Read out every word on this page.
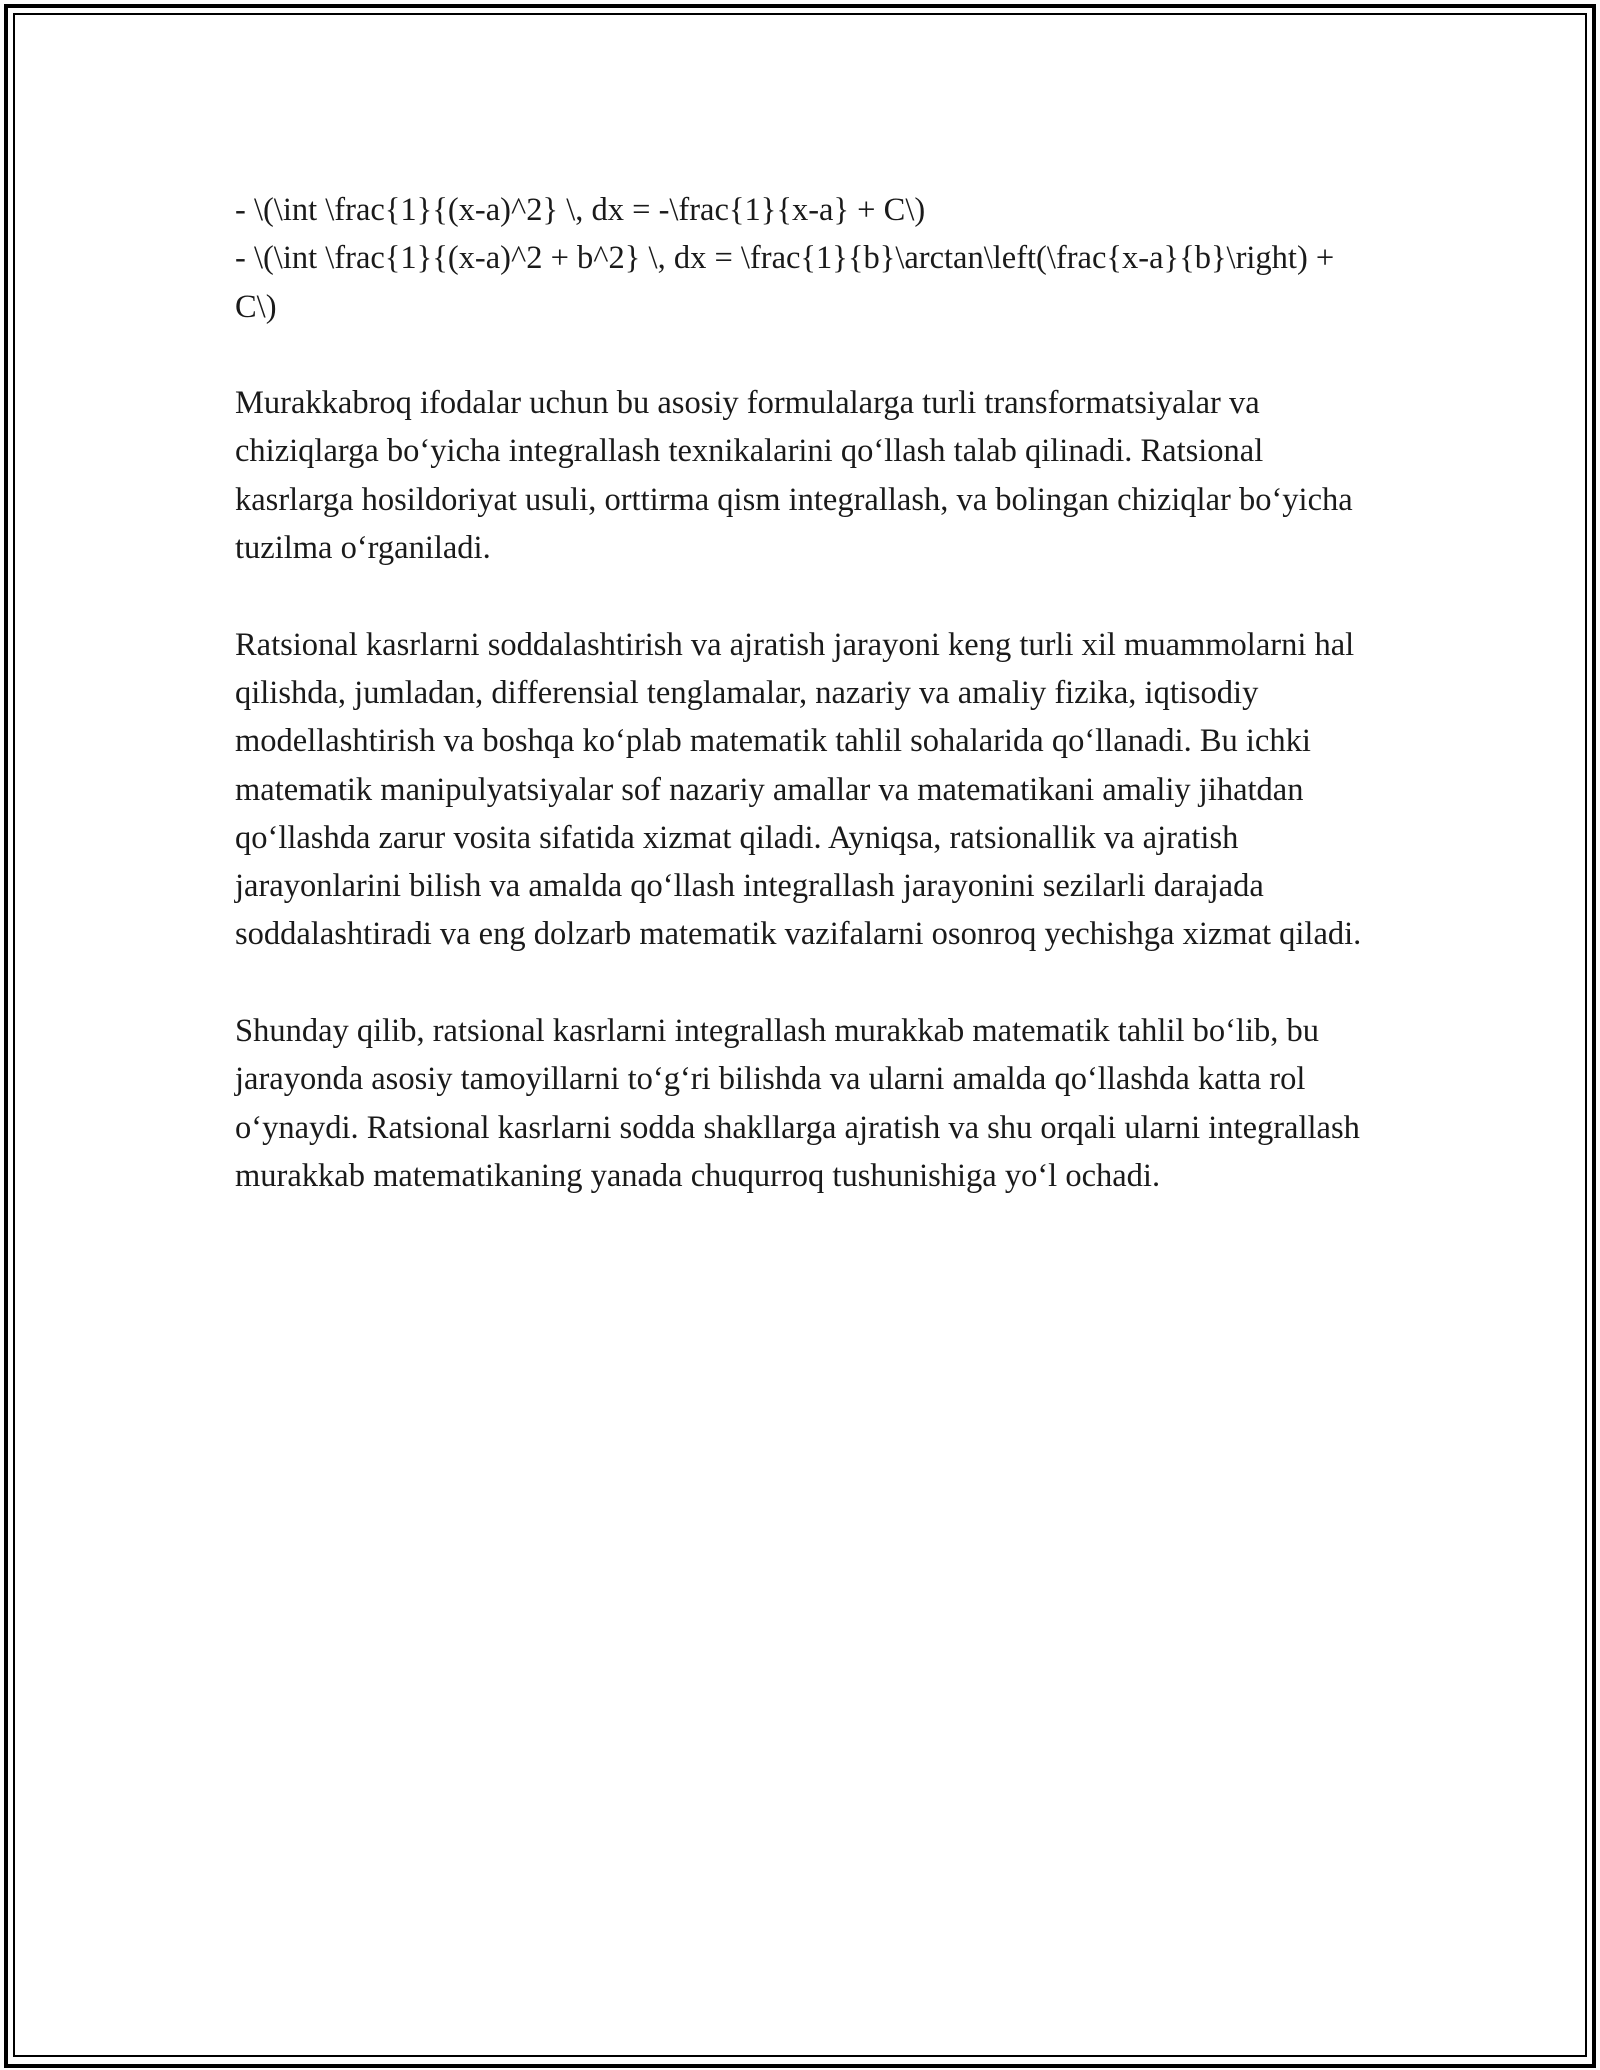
- \(\int \frac{1}{(x-a)^2} \, dx = -\frac{1}{x-a} + C\)

- \(\int \frac{1}{(x-a)^2 + b^2} \, dx = \frac{1}{b}\arctan\left(\frac{x-a}{b}\right) + C\)

Murakkabroq ifodalar uchun bu asosiy formulalarga turli transformatsiyalar va chiziqlarga bo‘yicha integrallash texnikalarini qo‘llash talab qilinadi. Ratsional kasrlarga hosildoriyat usuli, orttirma qism integrallash, va bolingan chiziqlar bo‘yicha tuzilma o‘rganiladi.

Ratsional kasrlarni soddalashtirish va ajratish jarayoni keng turli xil muammolarni hal qilishda, jumladan, differensial tenglamalar, nazariy va amaliy fizika, iqtisodiy modellashtirish va boshqa ko‘plab matematik tahlil sohalarida qo‘llanadi. Bu ichki matematik manipulyatsiyalar sof nazariy amallar va matematikani amaliy jihatdan qo‘llashda zarur vosita sifatida xizmat qiladi. Ayniqsa, ratsionallik va ajratish jarayonlarini bilish va amalda qo‘llash integrallash jarayonini sezilarli darajada soddalashtiradi va eng dolzarb matematik vazifalarni osonroq yechishga xizmat qiladi.

Shunday qilib, ratsional kasrlarni integrallash murakkab matematik tahlil bo‘lib, bu jarayonda asosiy tamoyillarni to‘g‘ri bilishda va ularni amalda qo‘llashda katta rol o‘ynaydi. Ratsional kasrlarni sodda shakllarga ajratish va shu orqali ularni integrallash murakkab matematikaning yanada chuqurroq tushunishiga yo‘l ochadi.
